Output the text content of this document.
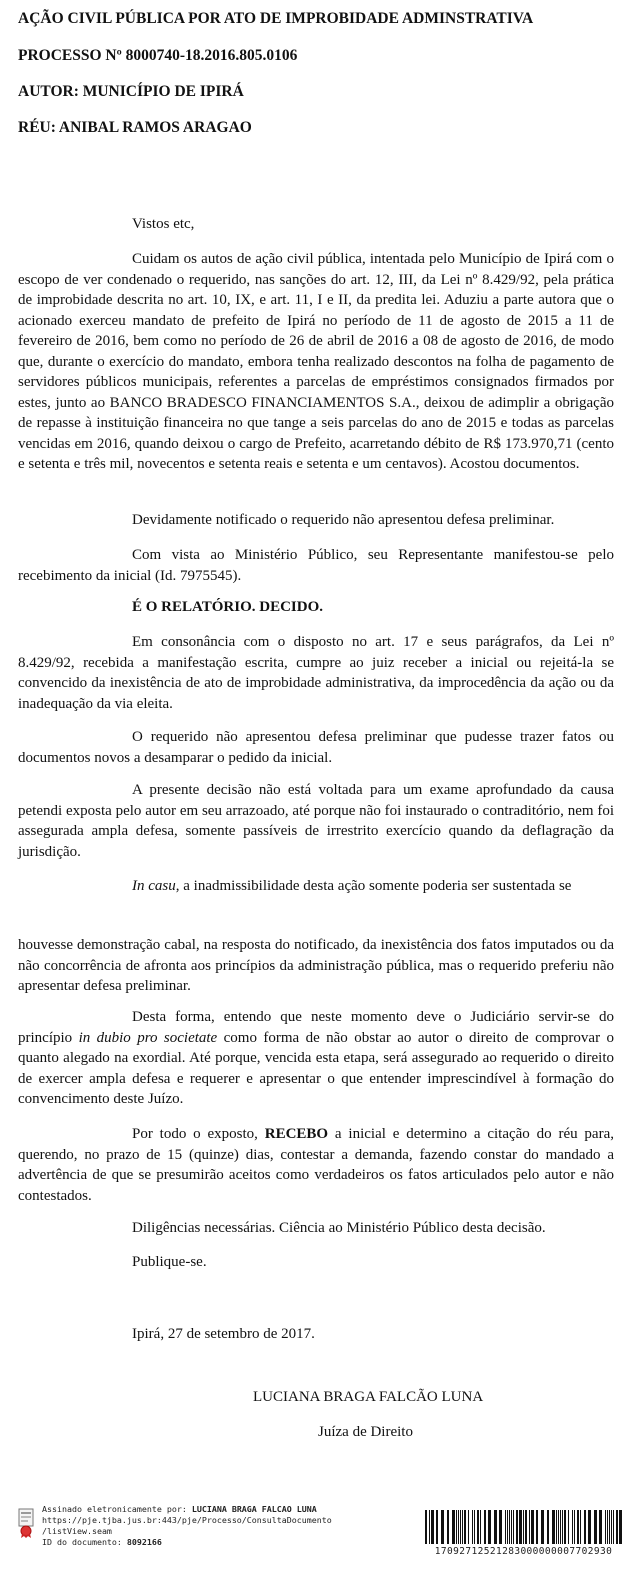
AÇÃO CIVIL PÚBLICA POR ATO DE IMPROBIDADE ADMINSTRATIVA
PROCESSO Nº 8000740-18.2016.805.0106
AUTOR: MUNICÍPIO DE IPIRÁ
RÉU: ANIBAL RAMOS ARAGAO
Vistos etc,

Cuidam os autos de ação civil pública, intentada pelo Município de Ipirá com o escopo de ver condenado o requerido, nas sanções do art. 12, III, da Lei nº 8.429/92, pela prática de improbidade descrita no art. 10, IX, e art. 11, I e II, da predita lei. Aduziu a parte autora que o acionado exerceu mandato de prefeito de Ipirá no período de 11 de agosto de 2015 a 11 de fevereiro de 2016, bem como no período de 26 de abril de 2016 a 08 de agosto de 2016, de modo que, durante o exercício do mandato, embora tenha realizado descontos na folha de pagamento de servidores públicos municipais, referentes a parcelas de empréstimos consignados firmados por estes, junto ao BANCO BRADESCO FINANCIAMENTOS S.A., deixou de adimplir a obrigação de repasse à instituição financeira no que tange a seis parcelas do ano de 2015 e todas as parcelas vencidas em 2016, quando deixou o cargo de Prefeito, acarretando débito de R$ 173.970,71 (cento e setenta e três mil, novecentos e setenta reais e setenta e um centavos). Acostou documentos.

Devidamente notificado o requerido não apresentou defesa preliminar.

Com vista ao Ministério Público, seu Representante manifestou-se pelo recebimento da inicial (Id. 7975545).

É O RELATÓRIO. DECIDO.

Em consonância com o disposto no art. 17 e seus parágrafos, da Lei nº 8.429/92, recebida a manifestação escrita, cumpre ao juiz receber a inicial ou rejeitá-la se convencido da inexistência de ato de improbidade administrativa, da improcedência da ação ou da inadequação da via eleita.

O requerido não apresentou defesa preliminar que pudesse trazer fatos ou documentos novos a desamparar o pedido da inicial.

A presente decisão não está voltada para um exame aprofundado da causa petendi exposta pelo autor em seu arrazoado, até porque não foi instaurado o contraditório, nem foi assegurada ampla defesa, somente passíveis de irrestrito exercício quando da deflagração da jurisdição.

In casu, a inadmissibilidade desta ação somente poderia ser sustentada se

houvesse demonstração cabal, na resposta do notificado, da inexistência dos fatos imputados ou da não concorrência de afronta aos princípios da administração pública, mas o requerido preferiu não apresentar defesa preliminar.

Desta forma, entendo que neste momento deve o Judiciário servir-se do princípio in dubio pro societate como forma de não obstar ao autor o direito de comprovar o quanto alegado na exordial. Até porque, vencida esta etapa, será assegurado ao requerido o direito de exercer ampla defesa e requerer e apresentar o que entender imprescindível à formação do convencimento deste Juízo.

Por todo o exposto, RECEBO a inicial e determino a citação do réu para, querendo, no prazo de 15 (quinze) dias, contestar a demanda, fazendo constar do mandado a advertência de que se presumirão aceitos como verdadeiros os fatos articulados pelo autor e não contestados.

Diligências necessárias. Ciência ao Ministério Público desta decisão.
Publique-se.
Ipirá, 27 de setembro de 2017.
LUCIANA BRAGA FALCÃO LUNA
Juíza de Direito
Assinado eletronicamente por: LUCIANA BRAGA FALCAO LUNA
https://pje.tjba.jus.br:443/pje/Processo/ConsultaDocumento
/listView.seam
ID do documento: 8092166
17092712521283000000007702930
